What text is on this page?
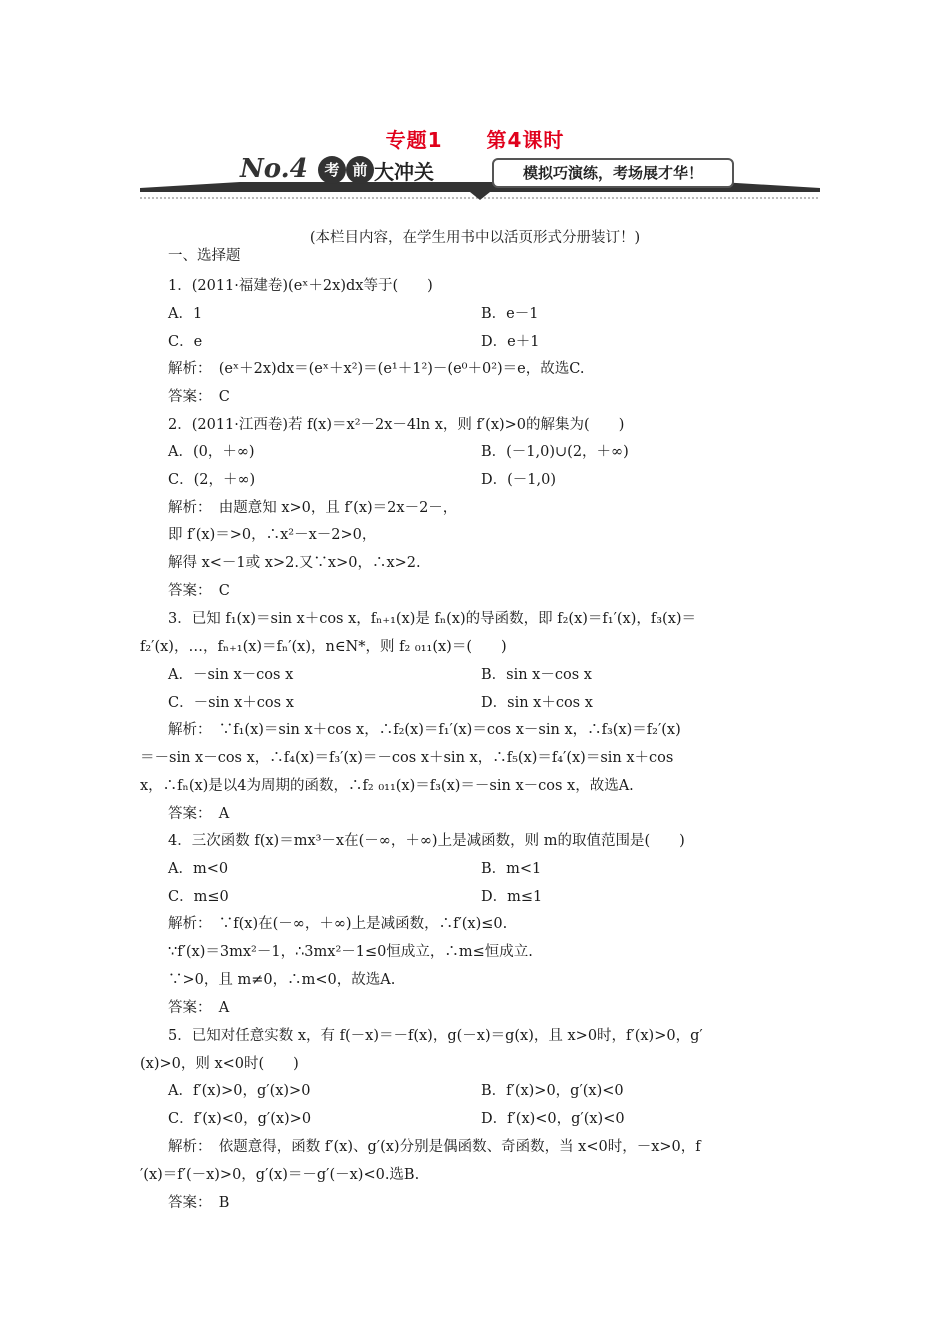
专题1 第4课时
No.4	考 前 大冲关	模拟巧演练，考场展才华！
(本栏目内容，在学生用书中以活页形式分册装订！)
一、选择题
1．(2011·福建卷)(eˣ＋2x)dx等于(　　)
A．1	B．e－1
C．e	D．e＋1
解析：　(eˣ＋2x)dx＝(eˣ＋x²)＝(e¹＋1²)－(e⁰＋0²)＝e，故选C.
答案：　C
2．(2011·江西卷)若 f(x)＝x²－2x－4ln x，则 f′(x)>0的解集为(　　)
A．(0，＋∞)	B．(－1,0)∪(2，＋∞)
C．(2，＋∞)	D．(－1,0)
解析：　由题意知 x>0，且 f′(x)＝2x－2－，
即 f′(x)＝>0，∴x²－x－2>0，
解得 x<－1或 x>2.又∵x>0，∴x>2.
答案：　C
3．已知 f₁(x)＝sin x＋cos x，fₙ₊₁(x)是 fₙ(x)的导函数，即 f₂(x)＝f₁′(x)，f₃(x)＝
f₂′(x)，…，fₙ₊₁(x)＝fₙ′(x)，n∈N*，则 f₂ ₀₁₁(x)＝(　　)
A．－sin x－cos x	B．sin x－cos x
C．－sin x＋cos x	D．sin x＋cos x
解析：　∵f₁(x)＝sin x＋cos x，∴f₂(x)＝f₁′(x)＝cos x－sin x，∴f₃(x)＝f₂′(x)
＝－sin x－cos x，∴f₄(x)＝f₃′(x)＝－cos x＋sin x，∴f₅(x)＝f₄′(x)＝sin x＋cos
x，∴fₙ(x)是以4为周期的函数，∴f₂ ₀₁₁(x)＝f₃(x)＝－sin x－cos x，故选A.
答案：　A
4．三次函数 f(x)＝mx³－x在(－∞，＋∞)上是减函数，则 m的取值范围是(　　)
A．m<0	B．m<1
C．m≤0	D．m≤1
解析：　∵f(x)在(－∞，＋∞)上是减函数，∴f′(x)≤0.
∵f′(x)＝3mx²－1，∴3mx²－1≤0恒成立，∴m≤恒成立.
∵>0，且 m≠0，∴m<0，故选A.
答案：　A
5．已知对任意实数 x，有 f(－x)＝－f(x)，g(－x)＝g(x)，且 x>0时，f′(x)>0，g′
(x)>0，则 x<0时(　　)
A．f′(x)>0，g′(x)>0	B．f′(x)>0，g′(x)<0
C．f′(x)<0，g′(x)>0	D．f′(x)<0，g′(x)<0
解析：　依题意得，函数 f′(x)、g′(x)分别是偶函数、奇函数，当 x<0时，－x>0，f
′(x)＝f′(－x)>0，g′(x)＝－g′(－x)<0.选B.
答案：　B
